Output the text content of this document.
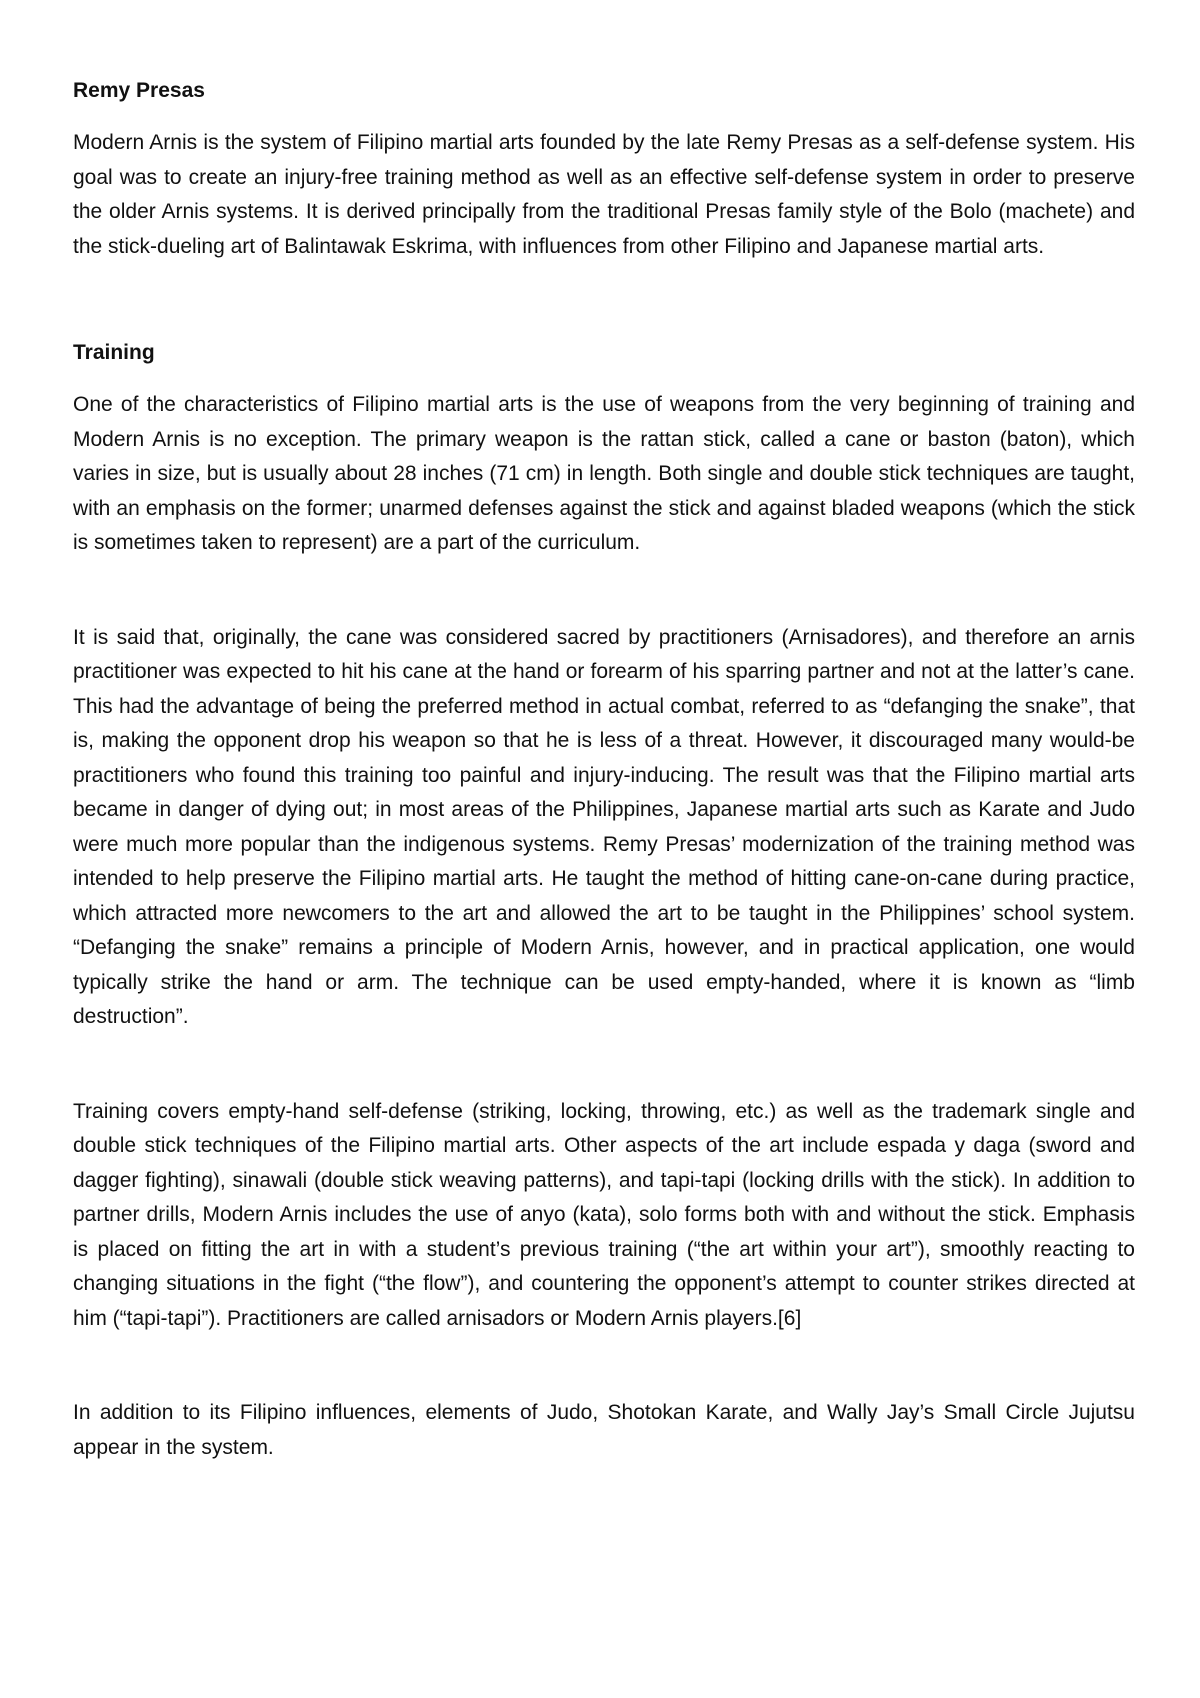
Remy Presas

Modern Arnis is the system of Filipino martial arts founded by the late Remy Presas as a self-defense system. His goal was to create an injury-free training method as well as an effective self-defense system in order to preserve the older Arnis systems. It is derived principally from the traditional Presas family style of the Bolo (machete) and the stick-dueling art of Balintawak Eskrima, with influences from other Filipino and Japanese martial arts.

Training

One of the characteristics of Filipino martial arts is the use of weapons from the very beginning of training and Modern Arnis is no exception. The primary weapon is the rattan stick, called a cane or baston (baton), which varies in size, but is usually about 28 inches (71 cm) in length. Both single and double stick techniques are taught, with an emphasis on the former; unarmed defenses against the stick and against bladed weapons (which the stick is sometimes taken to represent) are a part of the curriculum.

It is said that, originally, the cane was considered sacred by practitioners (Arnisadores), and therefore an arnis practitioner was expected to hit his cane at the hand or forearm of his sparring partner and not at the latter’s cane. This had the advantage of being the preferred method in actual combat, referred to as “defanging the snake”, that is, making the opponent drop his weapon so that he is less of a threat. However, it discouraged many would-be practitioners who found this training too painful and injury-inducing. The result was that the Filipino martial arts became in danger of dying out; in most areas of the Philippines, Japanese martial arts such as Karate and Judo were much more popular than the indigenous systems. Remy Presas’ modernization of the training method was intended to help preserve the Filipino martial arts. He taught the method of hitting cane-on-cane during practice, which attracted more newcomers to the art and allowed the art to be taught in the Philippines’ school system. “Defanging the snake” remains a principle of Modern Arnis, however, and in practical application, one would typically strike the hand or arm. The technique can be used empty-handed, where it is known as “limb destruction”.

Training covers empty-hand self-defense (striking, locking, throwing, etc.) as well as the trademark single and double stick techniques of the Filipino martial arts. Other aspects of the art include espada y daga (sword and dagger fighting), sinawali (double stick weaving patterns), and tapi-tapi (locking drills with the stick). In addition to partner drills, Modern Arnis includes the use of anyo (kata), solo forms both with and without the stick. Emphasis is placed on fitting the art in with a student’s previous training (“the art within your art”), smoothly reacting to changing situations in the fight (“the flow”), and countering the opponent’s attempt to counter strikes directed at him (“tapi-tapi”). Practitioners are called arnisadors or Modern Arnis players.[6]

In addition to its Filipino influences, elements of Judo, Shotokan Karate, and Wally Jay’s Small Circle Jujutsu appear in the system.
